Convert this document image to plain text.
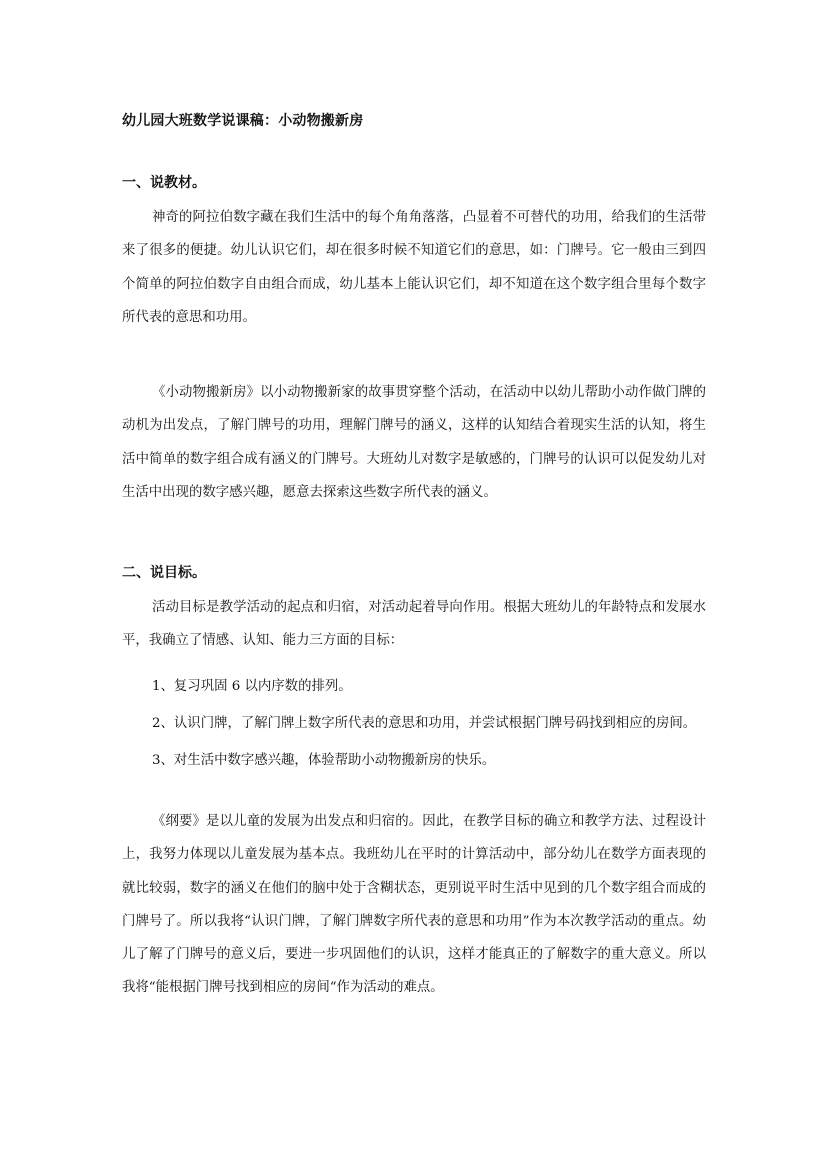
幼儿园大班数学说课稿：小动物搬新房
一、说教材。

神奇的阿拉伯数字藏在我们生活中的每个角角落落，凸显着不可替代的功用，给我们的生活带来了很多的便捷。幼儿认识它们，却在很多时候不知道它们的意思，如：门牌号。它一般由三到四个简单的阿拉伯数字自由组合而成，幼儿基本上能认识它们，却不知道在这个数字组合里每个数字所代表的意思和功用。

《小动物搬新房》以小动物搬新家的故事贯穿整个活动，在活动中以幼儿帮助小动作做门牌的动机为出发点，了解门牌号的功用，理解门牌号的涵义，这样的认知结合着现实生活的认知，将生活中简单的数字组合成有涵义的门牌号。大班幼儿对数字是敏感的，门牌号的认识可以促发幼儿对生活中出现的数字感兴趣，愿意去探索这些数字所代表的涵义。

二、说目标。

活动目标是教学活动的起点和归宿，对活动起着导向作用。根据大班幼儿的年龄特点和发展水平，我确立了情感、认知、能力三方面的目标：

1、复习巩固 6 以内序数的排列。
2、认识门牌，了解门牌上数字所代表的意思和功用，并尝试根据门牌号码找到相应的房间。
3、对生活中数字感兴趣，体验帮助小动物搬新房的快乐。

《纲要》是以儿童的发展为出发点和归宿的。因此，在教学目标的确立和教学方法、过程设计上，我努力体现以儿童发展为基本点。我班幼儿在平时的计算活动中，部分幼儿在数学方面表现的就比较弱，数字的涵义在他们的脑中处于含糊状态，更别说平时生活中见到的几个数字组合而成的门牌号了。所以我将“认识门牌，了解门牌数字所代表的意思和功用”作为本次教学活动的重点。幼儿了解了门牌号的意义后，要进一步巩固他们的认识，这样才能真正的了解数字的重大意义。所以我将“能根据门牌号找到相应的房间“作为活动的难点。
